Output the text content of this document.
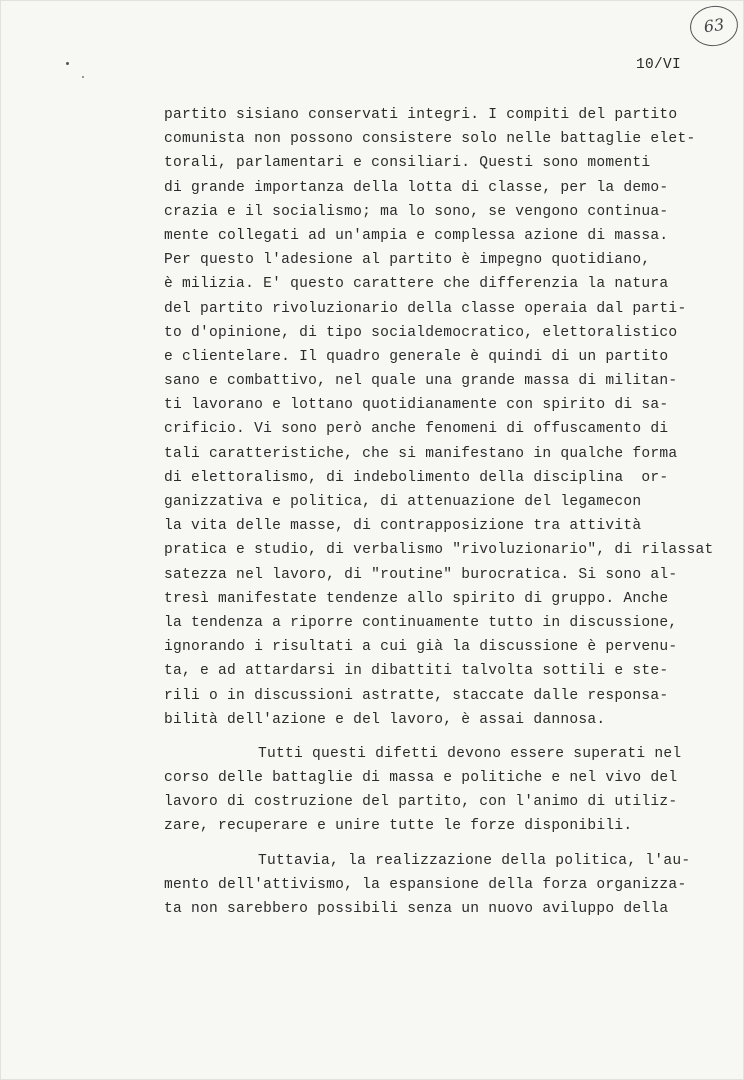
63
10/VI
partito sisiano conservati integri. I compiti del partito
comunista non possono consistere solo nelle battaglie elet-
torali, parlamentari e consiliari. Questi sono momenti
di grande importanza della lotta di classe, per la demo-
crazia e il socialismo; ma lo sono, se vengono continua-
mente collegati ad un'ampia e complessa azione di massa.
Per questo l'adesione al partito è impegno quotidiano,
è milizia. E' questo carattere che differenzia la natura
del partito rivoluzionario della classe operaia dal parti-
to d'opinione, di tipo socialdemocratico, elettoralistico
e clientelare. Il quadro generale è quindi di un partito
sano e combattivo, nel quale una grande massa di militan-
ti lavorano e lottano quotidianamente con spirito di sa-
crificio. Vi sono però anche fenomeni di offuscamento di
tali caratteristiche, che si manifestano in qualche forma
di elettoralismo, di indebolimento della disciplina  or-
ganizzativa e politica, di attenuazione del legamecon
la vita delle masse, di contrapposizione tra attività
pratica e studio, di verbalismo "rivoluzionario", di rilassat
satezza nel lavoro, di "routine" burocratica. Si sono al-
tresì manifestate tendenze allo spirito di gruppo. Anche
la tendenza a riporre continuamente tutto in discussione,
ignorando i risultati a cui già la discussione è pervenu-
ta, e ad attardarsi in dibattiti talvolta sottili e ste-
rili o in discussioni astratte, staccate dalle responsa-
bilità dell'azione e del lavoro, è assai dannosa.
Tutti questi difetti devono essere superati nel
corso delle battaglie di massa e politiche e nel vivo del
lavoro di costruzione del partito, con l'animo di utiliz-
zare, recuperare e unire tutte le forze disponibili.
Tuttavia, la realizzazione della politica, l'au-
mento dell'attivismo, la espansione della forza organizza-
ta non sarebbero possibili senza un nuovo aviluppo della
